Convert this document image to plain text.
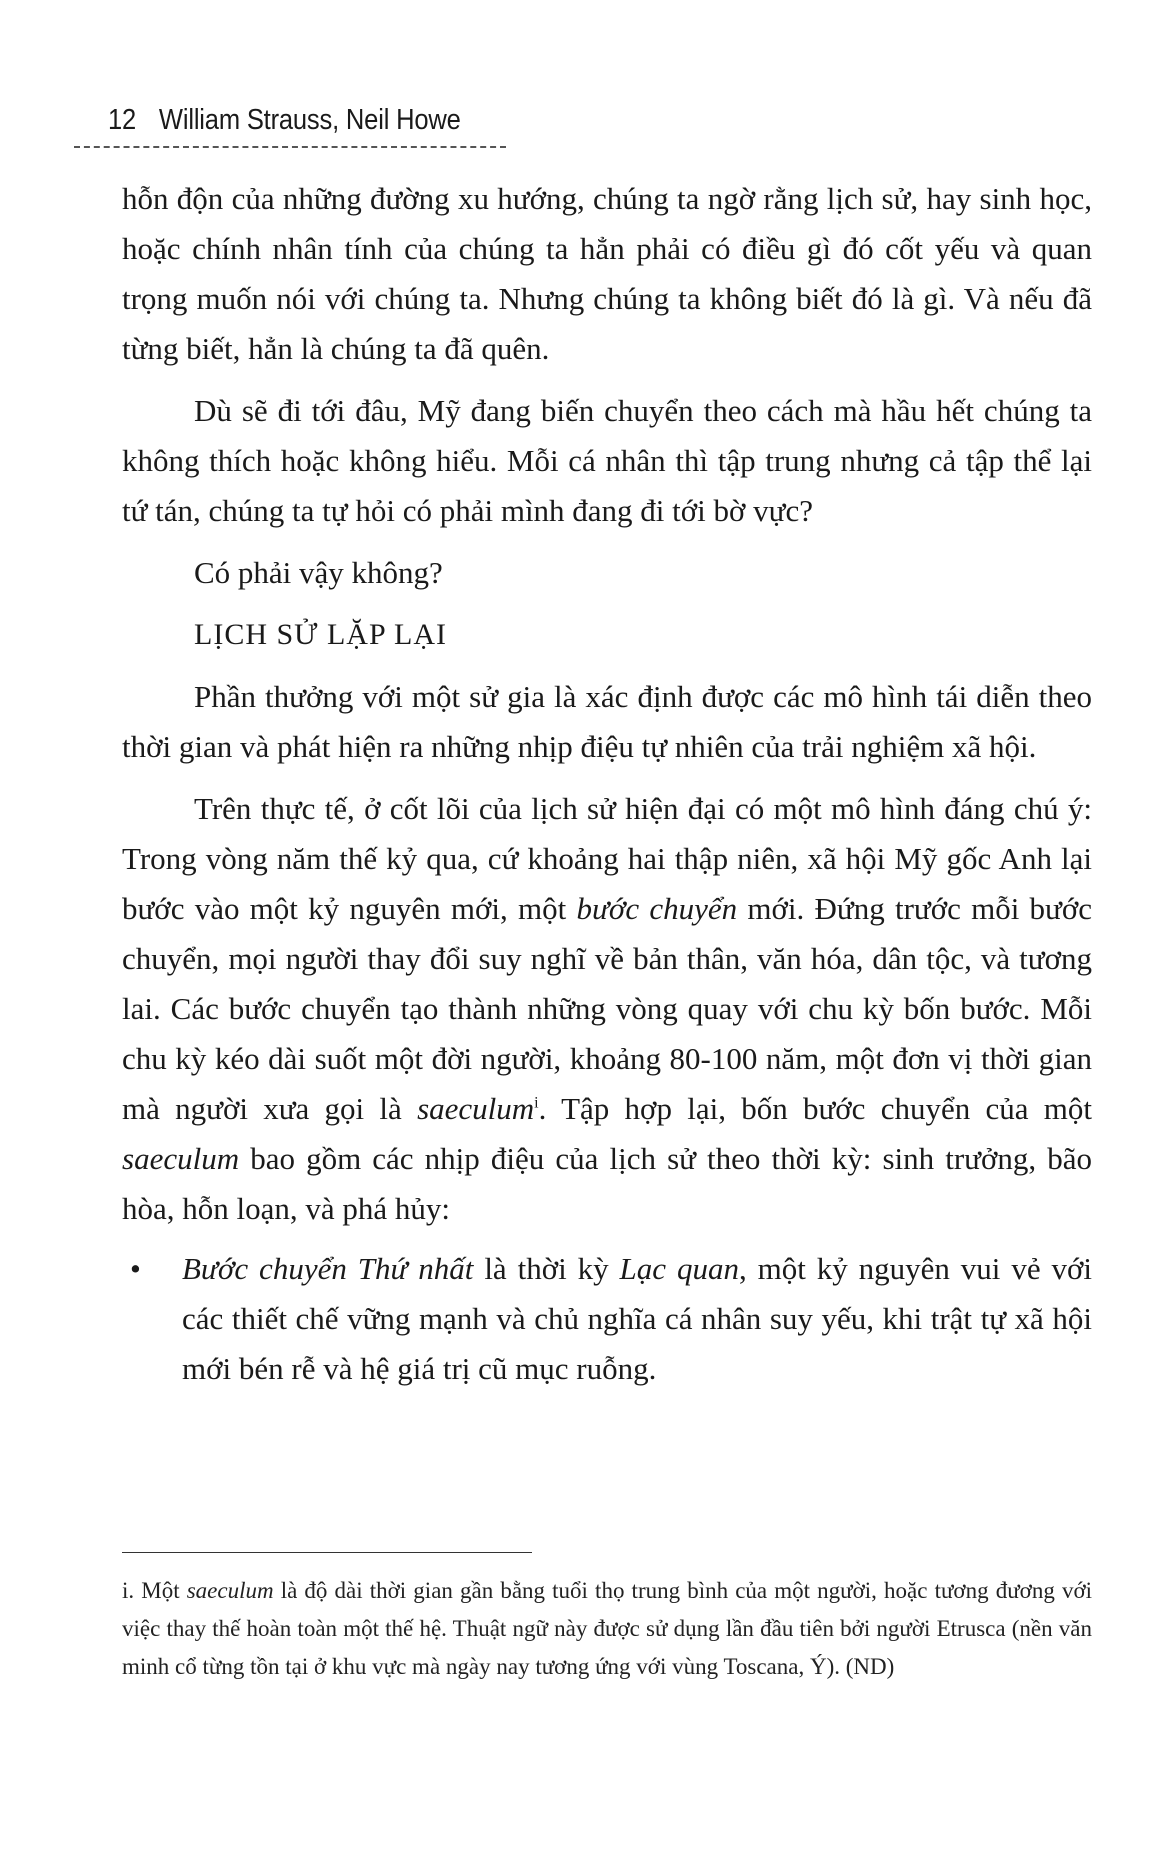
12 William Strauss, Neil Howe

hỗn độn của những đường xu hướng, chúng ta ngờ rằng lịch sử, hay sinh học, hoặc chính nhân tính của chúng ta hẳn phải có điều gì đó cốt yếu và quan trọng muốn nói với chúng ta. Nhưng chúng ta không biết đó là gì. Và nếu đã từng biết, hẳn là chúng ta đã quên.

Dù sẽ đi tới đâu, Mỹ đang biến chuyển theo cách mà hầu hết chúng ta không thích hoặc không hiểu. Mỗi cá nhân thì tập trung nhưng cả tập thể lại tứ tán, chúng ta tự hỏi có phải mình đang đi tới bờ vực?

Có phải vậy không?

LỊCH SỬ LẶP LẠI

Phần thưởng với một sử gia là xác định được các mô hình tái diễn theo thời gian và phát hiện ra những nhịp điệu tự nhiên của trải nghiệm xã hội.

Trên thực tế, ở cốt lõi của lịch sử hiện đại có một mô hình đáng chú ý: Trong vòng năm thế kỷ qua, cứ khoảng hai thập niên, xã hội Mỹ gốc Anh lại bước vào một kỷ nguyên mới, một bước chuyển mới. Đứng trước mỗi bước chuyển, mọi người thay đổi suy nghĩ về bản thân, văn hóa, dân tộc, và tương lai. Các bước chuyển tạo thành những vòng quay với chu kỳ bốn bước. Mỗi chu kỳ kéo dài suốt một đời người, khoảng 80-100 năm, một đơn vị thời gian mà người xưa gọi là saeculum$^i$. Tập hợp lại, bốn bước chuyển của một saeculum bao gồm các nhịp điệu của lịch sử theo thời kỳ: sinh trưởng, bão hòa, hỗn loạn, và phá hủy:

• Bước chuyển Thứ nhất là thời kỳ Lạc quan, một kỷ nguyên vui vẻ với các thiết chế vững mạnh và chủ nghĩa cá nhân suy yếu, khi trật tự xã hội mới bén rễ và hệ giá trị cũ mục ruỗng.

i. Một saeculum là độ dài thời gian gần bằng tuổi thọ trung bình của một người, hoặc tương đương với việc thay thế hoàn toàn một thế hệ. Thuật ngữ này được sử dụng lần đầu tiên bởi người Etrusca (nền văn minh cổ từng tồn tại ở khu vực mà ngày nay tương ứng với vùng Toscana, Ý). (ND)
